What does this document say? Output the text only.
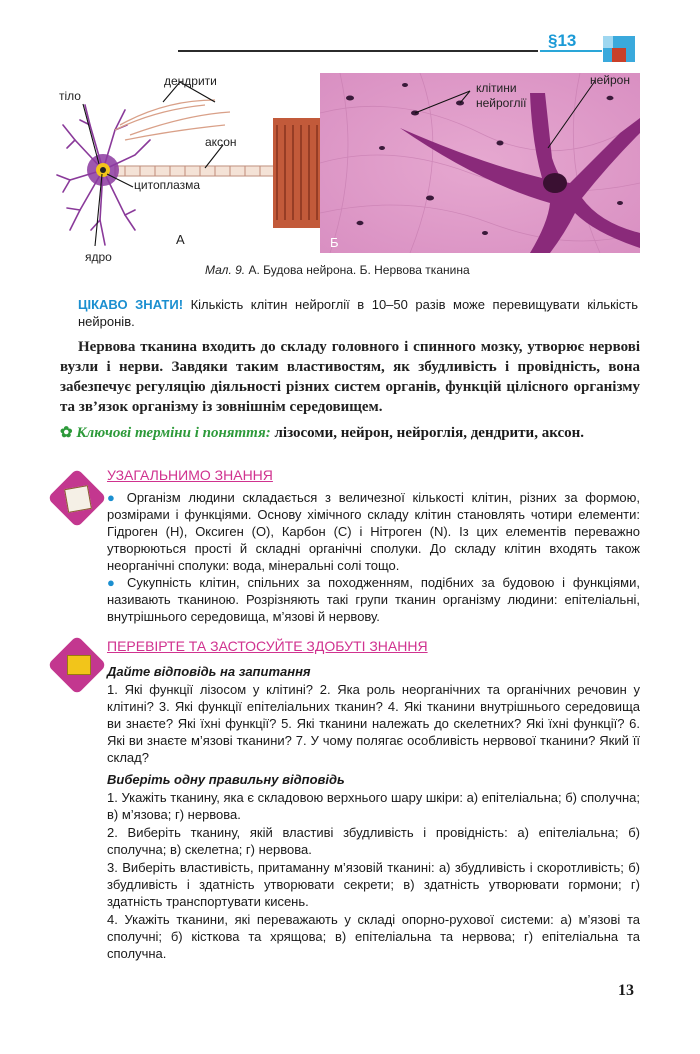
§13
дендрити
тіло
аксон
цитоплазма
ядро
А
клітини
нейроглії
нейрон
Б
Мал. 9. А. Будова нейрона. Б. Нервова тканина
ЦІКАВО ЗНАТИ! Кількість клітин нейроглії в 10–50 разів може перевищувати кількість нейронів.
Нервова тканина входить до складу головного і спинного мозку, утворює нервові вузли і нерви. Завдяки таким властивостям, як збудливість і провідність, вона забезпечує регуляцію діяльності різних систем органів, функцій цілісного організму та зв’язок організму із зовнішнім середовищем.
✿ Ключові терміни і поняття: лізосоми, нейрон, нейроглія, дендрити, аксон.
УЗАГАЛЬНИМО ЗНАННЯ
● Організм людини складається з величезної кількості клітин, різних за формою, розмірами і функціями. Основу хімічного складу клітин становлять чотири елементи: Гідроген (Н), Оксиген (О), Карбон (С) і Нітроген (N). Із цих елементів переважно утворюються прості й складні органічні сполуки. До складу клітин входять також неорганічні сполуки: вода, мінеральні солі тощо.
● Сукупність клітин, спільних за походженням, подібних за будовою і функціями, називають тканиною. Розрізняють такі групи тканин організму людини: епітеліальні, внутрішнього середовища, м’язові й нервову.
ПЕРЕВІРТЕ ТА ЗАСТОСУЙТЕ ЗДОБУТІ ЗНАННЯ
Дайте відповідь на запитання
1. Які функції лізосом у клітині? 2. Яка роль неорганічних та органічних речовин у клітині? 3. Які функції епітеліальних тканин? 4. Які тканини внутрішнього середовища ви знаєте? Які їхні функції? 5. Які тканини належать до скелетних? Які їхні функції? 6. Які ви знаєте м’язові тканини? 7. У чому полягає особливість нервової тканини? Який її склад?
Виберіть одну правильну відповідь
1. Укажіть тканину, яка є складовою верхнього шару шкіри: а) епітеліальна; б) сполучна; в) м’язова; г) нервова.
2. Виберіть тканину, якій властиві збудливість і провідність: а) епітеліальна; б) сполучна; в) скелетна; г) нервова.
3. Виберіть властивість, притаманну м’язовій тканині: а) збудливість і скоротливість; б) збудливість і здатність утворювати секрети; в) здатність утворювати гормони; г) здатність транспортувати кисень.
4. Укажіть тканини, які переважають у складі опорно-рухової системи: а) м’язові та сполучні; б) кісткова та хрящова; в) епітеліальна та нервова; г) епітеліальна та сполучна.
13
